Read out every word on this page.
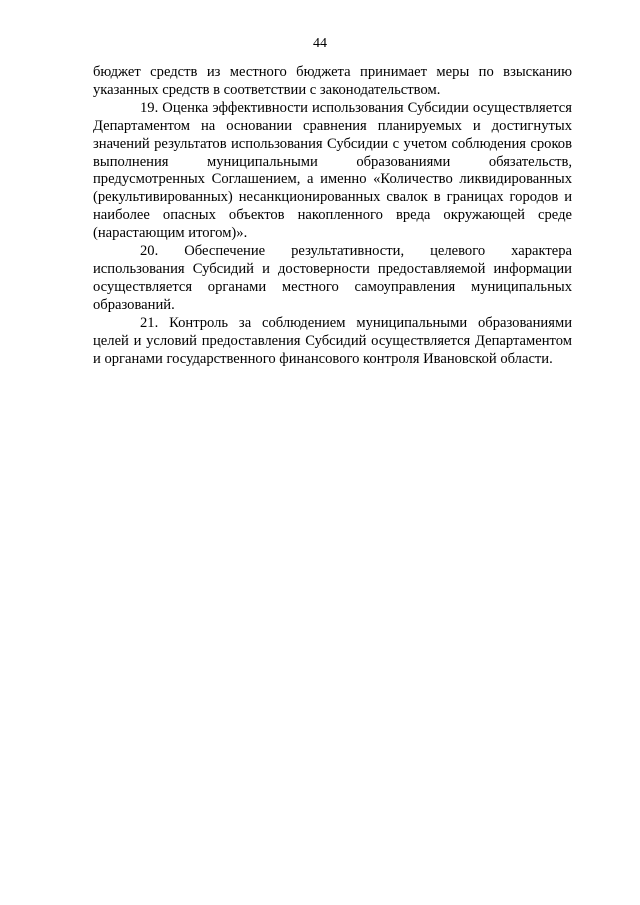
44

бюджет средств из местного бюджета принимает меры по взысканию указанных средств в соответствии с законодательством.

19. Оценка эффективности использования Субсидии осуществляется Департаментом на основании сравнения планируемых и достигнутых значений результатов использования Субсидии с учетом соблюдения сроков выполнения муниципальными образованиями обязательств, предусмотренных Соглашением, а именно «Количество ликвидированных (рекультивированных) несанкционированных свалок в границах городов и наиболее опасных объектов накопленного вреда окружающей среде (нарастающим итогом)».

20. Обеспечение результативности, целевого характера использования Субсидий и достоверности предоставляемой информации осуществляется органами местного самоуправления муниципальных образований.

21. Контроль за соблюдением муниципальными образованиями целей и условий предоставления Субсидий осуществляется Департаментом и органами государственного финансового контроля Ивановской области.
